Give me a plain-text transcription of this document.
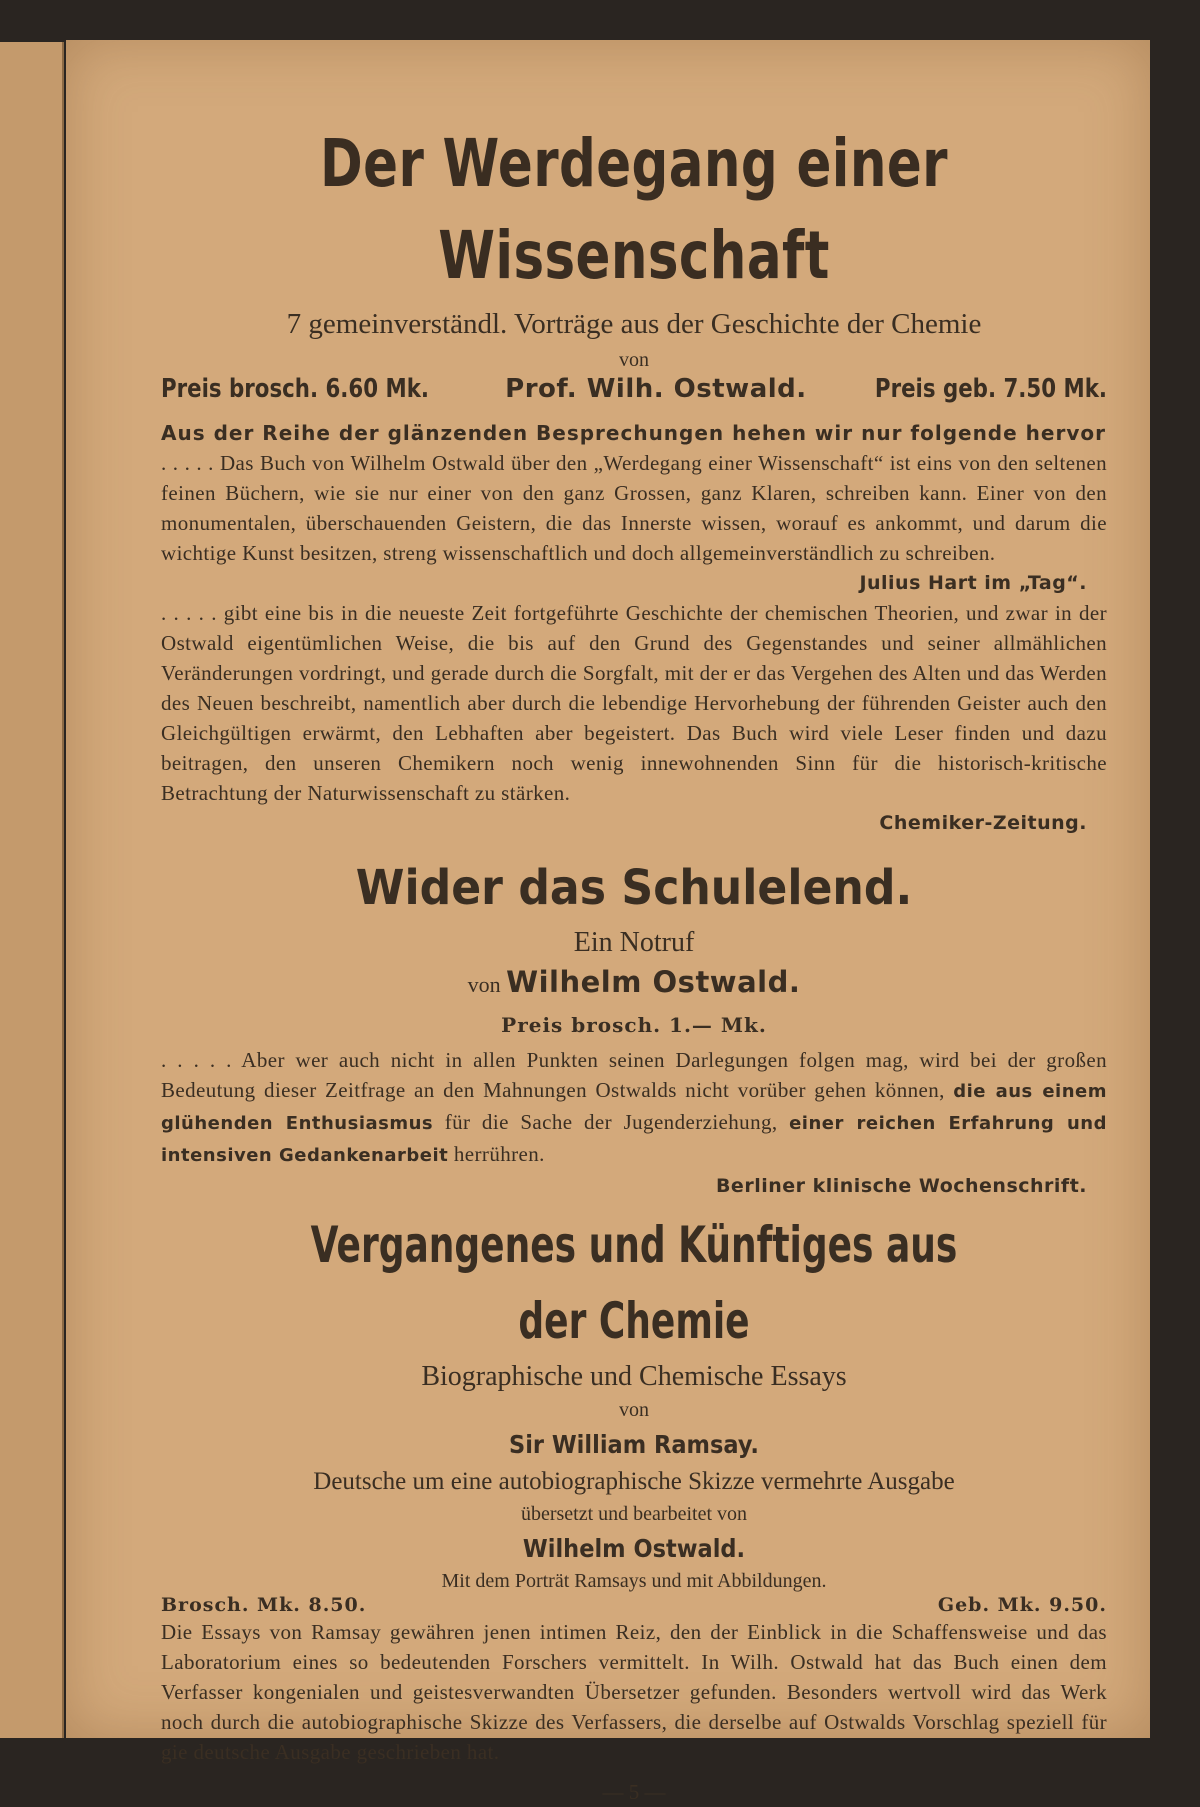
Der Werdegang einer Wissenschaft
7 gemeinverständl. Vorträge aus der Geschichte der Chemie
von
Preis brosch. 6.60 Mk.	Prof. Wilh. Ostwald.	Preis geb. 7.50 Mk.
Aus der Reihe der glänzenden Besprechungen hehen wir nur folgende hervor

. . . . . Das Buch von Wilhelm Ostwald über den „Werdegang einer Wissenschaft“ ist eins von den seltenen feinen Büchern, wie sie nur einer von den ganz Grossen, ganz Klaren, schreiben kann. Einer von den monumentalen, überschauenden Geistern, die das Innerste wissen, worauf es ankommt, und darum die wichtige Kunst besitzen, streng wissenschaftlich und doch allgemeinverständlich zu schreiben.

Julius Hart im „Tag“.

. . . . . gibt eine bis in die neueste Zeit fortgeführte Geschichte der chemischen Theorien, und zwar in der Ostwald eigentümlichen Weise, die bis auf den Grund des Gegenstandes und seiner allmählichen Veränderungen vordringt, und gerade durch die Sorgfalt, mit der er das Vergehen des Alten und das Werden des Neuen beschreibt, namentlich aber durch die lebendige Hervorhebung der führenden Geister auch den Gleichgültigen erwärmt, den Lebhaften aber begeistert. Das Buch wird viele Leser finden und dazu beitragen, den unseren Chemikern noch wenig innewohnenden Sinn für die historisch-kritische Betrachtung der Naturwissenschaft zu stärken.

Chemiker-Zeitung.
Wider das Schulelend.
Ein Notruf
von Wilhelm Ostwald.
Preis brosch. 1.— Mk.

. . . . . Aber wer auch nicht in allen Punkten seinen Darlegungen folgen mag, wird bei der großen Bedeutung dieser Zeitfrage an den Mahnungen Ostwalds nicht vorüber gehen können, die aus einem glühenden Enthusiasmus für die Sache der Jugenderziehung, einer reichen Erfahrung und intensiven Gedankenarbeit herrühren.

Berliner klinische Wochenschrift.
Vergangenes und Künftiges aus der Chemie
Biographische und Chemische Essays
von
Sir William Ramsay.
Deutsche um eine autobiographische Skizze vermehrte Ausgabe
übersetzt und bearbeitet von
Wilhelm Ostwald.
Mit dem Porträt Ramsays und mit Abbildungen.
Brosch. Mk. 8.50.	Geb. Mk. 9.50.

Die Essays von Ramsay gewähren jenen intimen Reiz, den der Einblick in die Schaffensweise und das Laboratorium eines so bedeutenden Forschers vermittelt. In Wilh. Ostwald hat das Buch einen dem Verfasser kongenialen und geistesverwandten Übersetzer gefunden. Besonders wertvoll wird das Werk noch durch die autobiographische Skizze des Verfassers, die derselbe auf Ostwalds Vorschlag speziell für gie deutsche Ausgabe geschrieben hat.

— 5 —
